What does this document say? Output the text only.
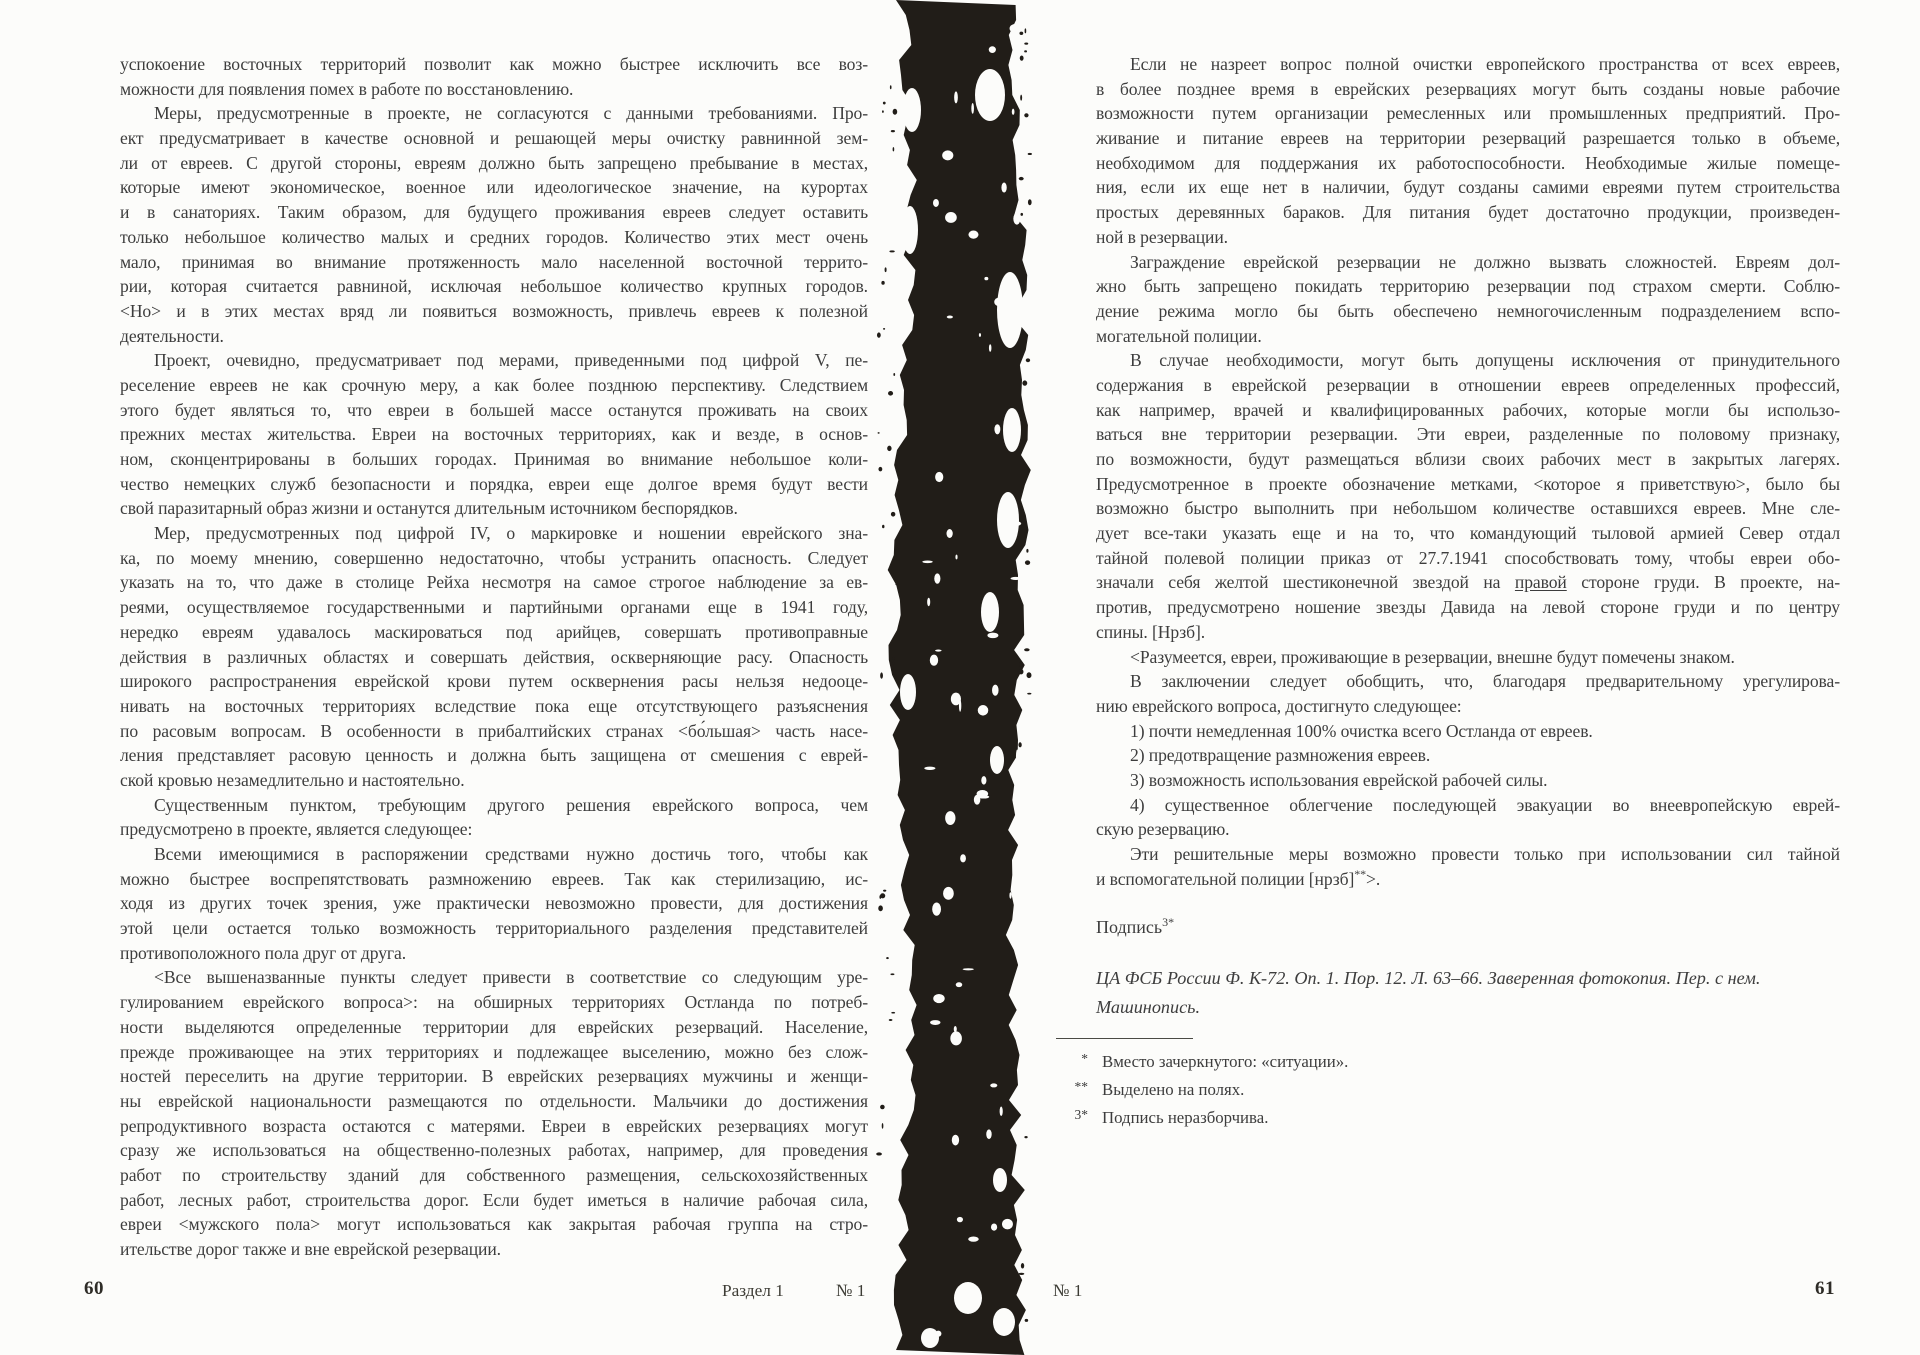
успокоение восточных территорий позволит как можно быстрее исключить все воз-
можности для появления помех в работе по восстановлению.
Меры, предусмотренные в проекте, не согласуются с данными требованиями. Про-
ект предусматривает в качестве основной и решающей меры очистку равнинной зем-
ли от евреев. С другой стороны, евреям должно быть запрещено пребывание в местах,
которые имеют экономическое, военное или идеологическое значение, на курортах
и в санаториях. Таким образом, для будущего проживания евреев следует оставить
только небольшое количество малых и средних городов. Количество этих мест очень
мало, принимая во внимание протяженность мало населенной восточной террито-
рии, которая считается равниной, исключая небольшое количество крупных городов.
<Но> и в этих местах вряд ли появиться возможность, привлечь евреев к полезной
деятельности.
Проект, очевидно, предусматривает под мерами, приведенными под цифрой V, пе-
реселение евреев не как срочную меру, а как более позднюю перспективу. Следствием
этого будет являться то, что евреи в большей массе останутся проживать на своих
прежних местах жительства. Евреи на восточных территориях, как и везде, в основ-
ном, сконцентрированы в больших городах. Принимая во внимание небольшое коли-
чество немецких служб безопасности и порядка, евреи еще долгое время будут вести
свой паразитарный образ жизни и останутся длительным источником беспорядков.
Мер, предусмотренных под цифрой IV, о маркировке и ношении еврейского зна-
ка, по моему мнению, совершенно недостаточно, чтобы устранить опасность. Следует
указать на то, что даже в столице Рейха несмотря на самое строгое наблюдение за ев-
реями, осуществляемое государственными и партийными органами еще в 1941 году,
нередко евреям удавалось маскироваться под арийцев, совершать противоправные
действия в различных областях и совершать действия, оскверняющие расу. Опасность
широкого распространения еврейской крови путем осквернения расы нельзя недооце-
нивать на восточных территориях вследствие пока еще отсутствующего разъяснения
по расовым вопросам. В особенности в прибалтийских странах <бо́льшая> часть насе-
ления представляет расовую ценность и должна быть защищена от смешения с еврей-
ской кровью незамедлительно и настоятельно.
Существенным пунктом, требующим другого решения еврейского вопроса, чем
предусмотрено в проекте, является следующее:
Всеми имеющимися в распоряжении средствами нужно достичь того, чтобы как
можно быстрее воспрепятствовать размножению евреев. Так как стерилизацию, ис-
ходя из других точек зрения, уже практически невозможно провести, для достижения
этой цели остается только возможность территориального разделения представителей
противоположного пола друг от друга.
<Все вышеназванные пункты следует привести в соответствие со следующим уре-
гулированием еврейского вопроса>: на обширных территориях Остланда по потреб-
ности выделяются определенные территории для еврейских резерваций. Население,
прежде проживающее на этих территориях и подлежащее выселению, можно без слож-
ностей переселить на другие территории. В еврейских резервациях мужчины и женщи-
ны еврейской национальности размещаются по отдельности. Мальчики до достижения
репродуктивного возраста остаются с матерями. Евреи в еврейских резервациях могут
сразу же использоваться на общественно-полезных работах, например, для проведения
работ по строительству зданий для собственного размещения, сельскохозяйственных
работ, лесных работ, строительства дорог. Если будет иметься в наличие рабочая сила,
евреи <мужского пола> могут использоваться как закрытая рабочая группа на стро-
ительстве дорог также и вне еврейской резервации.
60	Раздел 1	№ 1
Если не назреет вопрос полной очистки европейского пространства от всех евреев,
в более позднее время в еврейских резервациях могут быть созданы новые рабочие
возможности путем организации ремесленных или промышленных предприятий. Про-
живание и питание евреев на территории резерваций разрешается только в объеме,
необходимом для поддержания их работоспособности. Необходимые жилые помеще-
ния, если их еще нет в наличии, будут созданы самими евреями путем строительства
простых деревянных бараков. Для питания будет достаточно продукции, произведен-
ной в резервации.
Заграждение еврейской резервации не должно вызвать сложностей. Евреям дол-
жно быть запрещено покидать территорию резервации под страхом смерти. Соблю-
дение режима могло бы быть обеспечено немногочисленным подразделением вспо-
могательной полиции.
В случае необходимости, могут быть допущены исключения от принудительного
содержания в еврейской резервации в отношении евреев определенных профессий,
как например, врачей и квалифицированных рабочих, которые могли бы использо-
ваться вне территории резервации. Эти евреи, разделенные по половому признаку,
по возможности, будут размещаться вблизи своих рабочих мест в закрытых лагерях.
Предусмотренное в проекте обозначение метками, <которое я приветствую>, было бы
возможно быстро выполнить при небольшом количестве оставшихся евреев. Мне сле-
дует все-таки указать еще и на то, что командующий тыловой армией Север отдал
тайной полевой полиции приказ от 27.7.1941 способствовать тому, чтобы евреи обо-
значали себя желтой шестиконечной звездой на правой стороне груди. В проекте, на-
против, предусмотрено ношение звезды Давида на левой стороне груди и по центру
спины. [Нрзб].
<Разумеется, евреи, проживающие в резервации, внешне будут помечены знаком.
В заключении следует обобщить, что, благодаря предварительному урегулирова-
нию еврейского вопроса, достигнуто следующее:
1) почти немедленная 100% очистка всего Остланда от евреев.
2) предотвращение размножения евреев.
3) возможность использования еврейской рабочей силы.
4) существенное облегчение последующей эвакуации во внеевропейскую еврей-
скую резервацию.
Эти решительные меры возможно провести только при использовании сил тайной
и вспомогательной полиции [нрзб]**>.
Подпись$^{3*}$
ЦА ФСБ России Ф. К-72. Оп. 1. Пор. 12. Л. 63–66. Заверенная фотокопия. Пер. с нем.
Машинопись.
* Вместо зачеркнутого: «ситуации».
** Выделено на полях.
3* Подпись неразборчива.
№ 1	61
